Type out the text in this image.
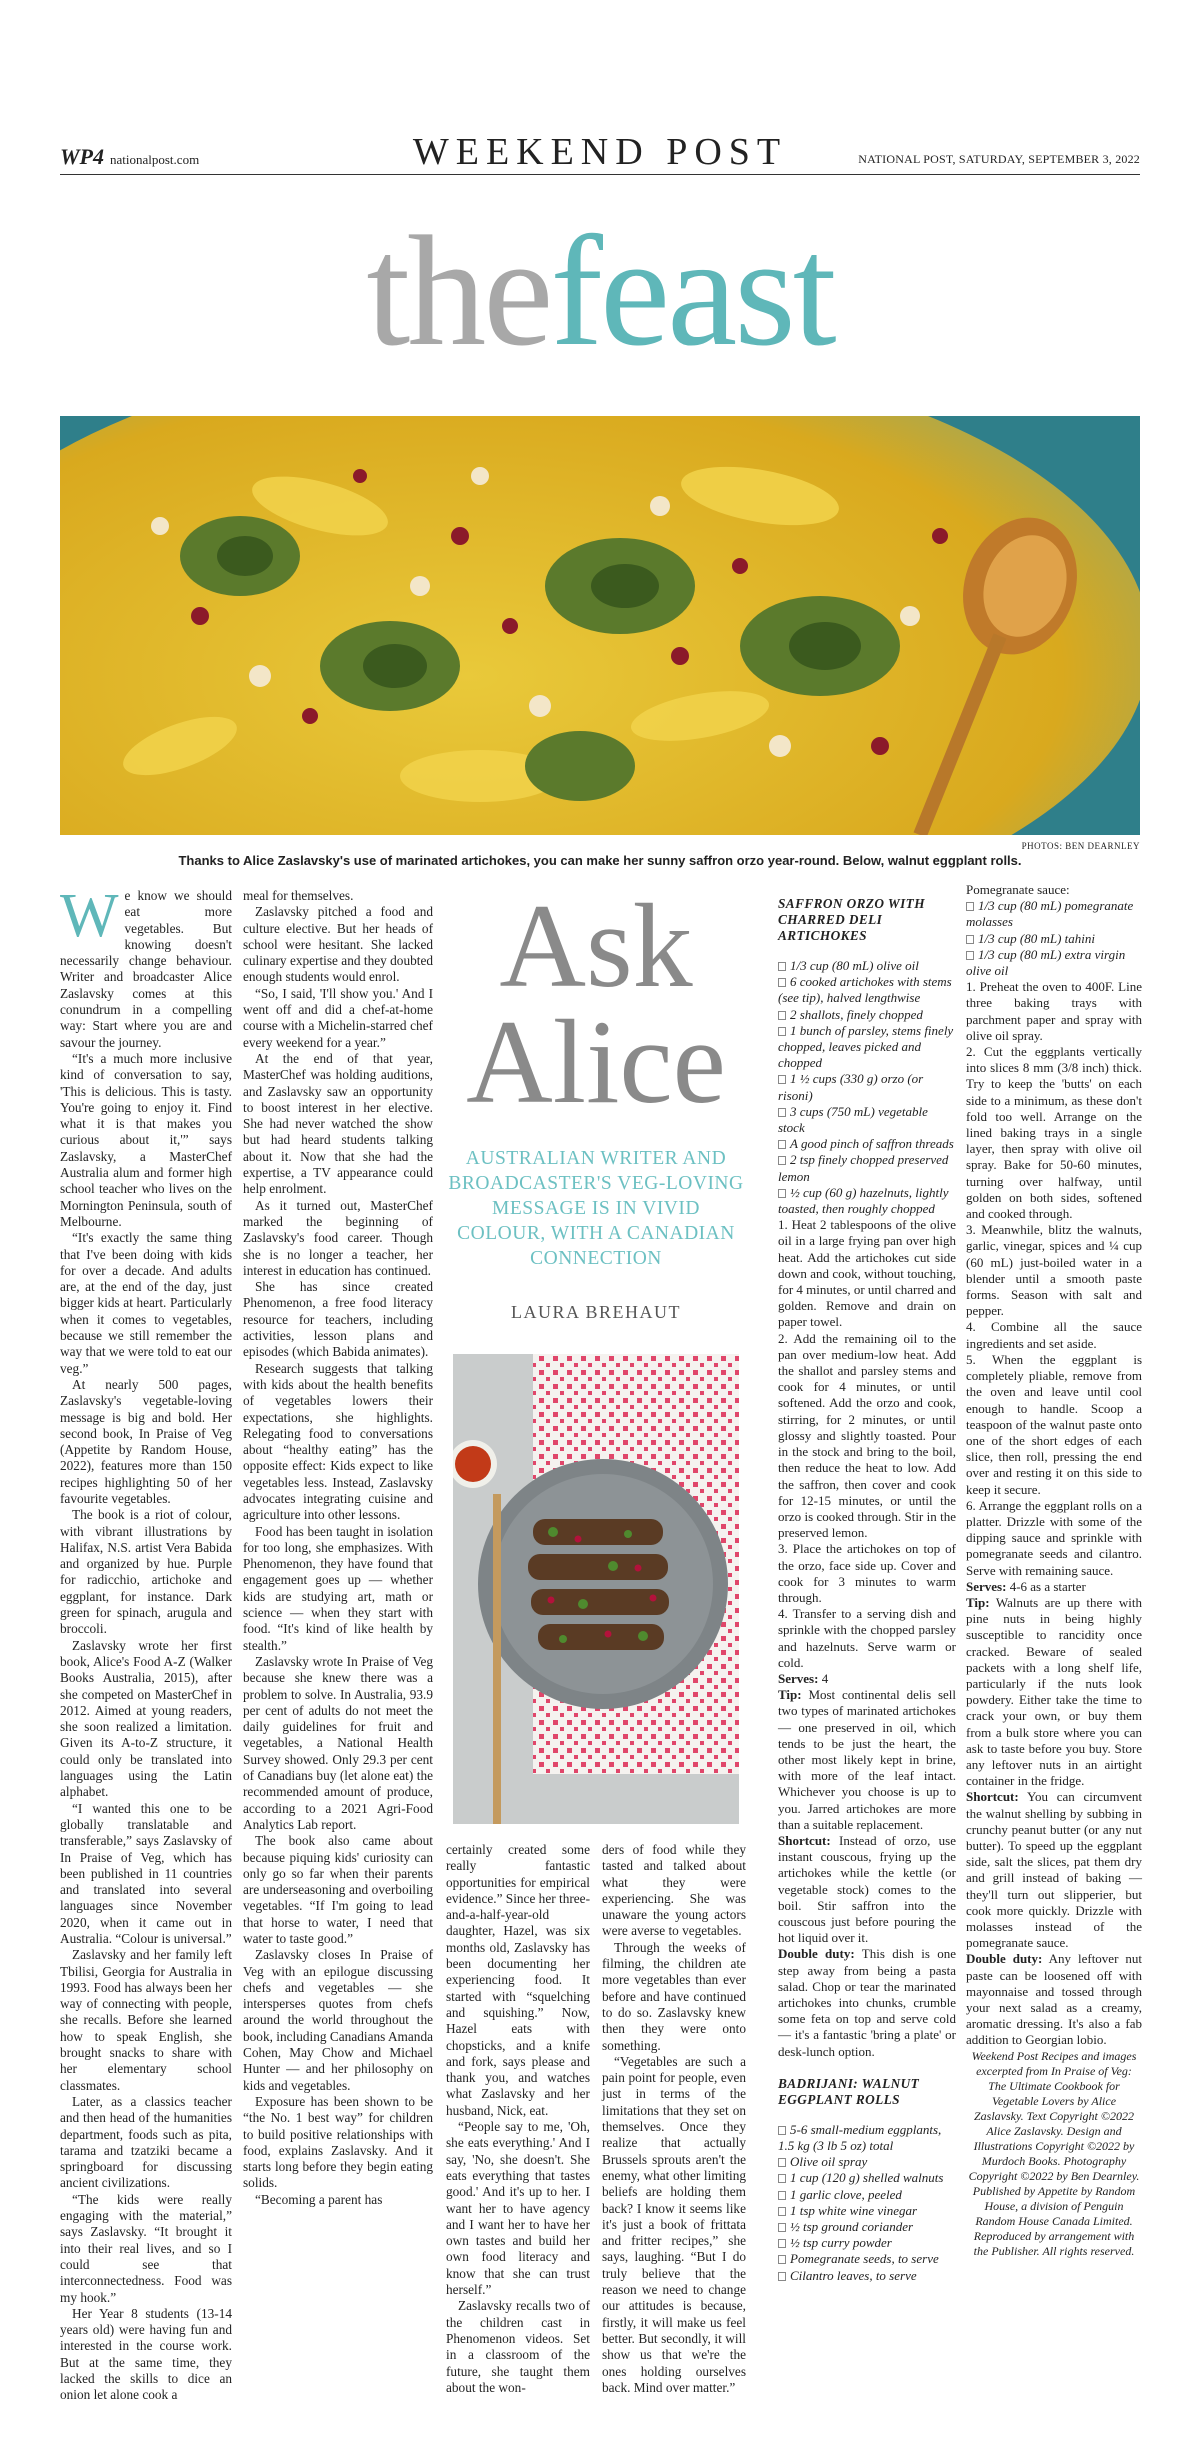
WP4 nationalpost.com	WEEKEND POST	NATIONAL POST, SATURDAY, SEPTEMBER 3, 2022
thefeast
PHOTOS: BEN DEARNLEY
Thanks to Alice Zaslavsky's use of marinated artichokes, you can make her sunny saffron orzo year-round. Below, walnut eggplant rolls.

We know we should eat more vegetables. But knowing doesn't necessarily change behaviour. Writer and broadcaster Alice Zaslavsky comes at this conundrum in a compelling way: Start where you are and savour the journey.

“It's a much more inclusive kind of conversation to say, 'This is delicious. This is tasty. You're going to enjoy it. Find what it is that makes you curious about it,'” says Zaslavsky, a MasterChef Australia alum and former high school teacher who lives on the Mornington Peninsula, south of Melbourne.

“It's exactly the same thing that I've been doing with kids for over a decade. And adults are, at the end of the day, just bigger kids at heart. Particularly when it comes to vegetables, because we still remember the way that we were told to eat our veg.”

At nearly 500 pages, Zaslavsky's vegetable-loving message is big and bold. Her second book, In Praise of Veg (Appetite by Random House, 2022), features more than 150 recipes highlighting 50 of her favourite vegetables.

The book is a riot of colour, with vibrant illustrations by Halifax, N.S. artist Vera Babida and organized by hue. Purple for radicchio, artichoke and eggplant, for instance. Dark green for spinach, arugula and broccoli.

Zaslavsky wrote her first book, Alice's Food A-Z (Walker Books Australia, 2015), after she competed on MasterChef in 2012. Aimed at young readers, she soon realized a limitation. Given its A-to-Z structure, it could only be translated into languages using the Latin alphabet.

“I wanted this one to be globally translatable and transferable,” says Zaslavsky of In Praise of Veg, which has been published in 11 countries and translated into several languages since November 2020, when it came out in Australia. “Colour is universal.”

Zaslavsky and her family left Tbilisi, Georgia for Australia in 1993. Food has always been her way of connecting with people, she recalls. Before she learned how to speak English, she brought snacks to share with her elementary school classmates.

Later, as a classics teacher and then head of the humanities department, foods such as pita, tarama and tzatziki became a springboard for discussing ancient civilizations.

“The kids were really engaging with the material,” says Zaslavsky. “It brought it into their real lives, and so I could see that interconnectedness. Food was my hook.”

Her Year 8 students (13-14 years old) were having fun and interested in the course work. But at the same time, they lacked the skills to dice an onion let alone cook a

meal for themselves.

Zaslavsky pitched a food and culture elective. But her heads of school were hesitant. She lacked culinary expertise and they doubted enough students would enrol.

“So, I said, 'I'll show you.' And I went off and did a chef-at-home course with a Michelin-starred chef every weekend for a year.”

At the end of that year, MasterChef was holding auditions, and Zaslavsky saw an opportunity to boost interest in her elective. She had never watched the show but had heard students talking about it. Now that she had the expertise, a TV appearance could help enrolment.

As it turned out, MasterChef marked the beginning of Zaslavsky's food career. Though she is no longer a teacher, her interest in education has continued.

She has since created Phenomenon, a free food literacy resource for teachers, including activities, lesson plans and episodes (which Babida animates).

Research suggests that talking with kids about the health benefits of vegetables lowers their expectations, she highlights. Relegating food to conversations about “healthy eating” has the opposite effect: Kids expect to like vegetables less. Instead, Zaslavsky advocates integrating cuisine and agriculture into other lessons.

Food has been taught in isolation for too long, she emphasizes. With Phenomenon, they have found that engagement goes up — whether kids are studying art, math or science — when they start with food. “It's kind of like health by stealth.”

Zaslavsky wrote In Praise of Veg because she knew there was a problem to solve. In Australia, 93.9 per cent of adults do not meet the daily guidelines for fruit and vegetables, a National Health Survey showed. Only 29.3 per cent of Canadians buy (let alone eat) the recommended amount of produce, according to a 2021 Agri-Food Analytics Lab report.

The book also came about because piquing kids' curiosity can only go so far when their parents are underseasoning and overboiling vegetables. “If I'm going to lead that horse to water, I need that water to taste good.”

Zaslavsky closes In Praise of Veg with an epilogue discussing chefs and vegetables — she intersperses quotes from chefs around the world throughout the book, including Canadians Amanda Cohen, May Chow and Michael Hunter — and her philosophy on kids and vegetables.

Exposure has been shown to be “the No. 1 best way” for children to build positive relationships with food, explains Zaslavsky. And it starts long before they begin eating solids.

“Becoming a parent has

Ask
Alice
AUSTRALIAN WRITER AND BROADCASTER'S VEG-LOVING MESSAGE IS IN VIVID COLOUR, WITH A CANADIAN CONNECTION
LAURA BREHAUT

certainly created some really fantastic opportunities for empirical evidence.” Since her three-and-a-half-year-old daughter, Hazel, was six months old, Zaslavsky has been documenting her experiencing food. It started with “squelching and squishing.” Now, Hazel eats with chopsticks, and a knife and fork, says please and thank you, and watches what Zaslavsky and her husband, Nick, eat.

“People say to me, 'Oh, she eats everything.' And I say, 'No, she doesn't. She eats everything that tastes good.' And it's up to her. I want her to have agency and I want her to have her own tastes and build her own food literacy and know that she can trust herself.”

Zaslavsky recalls two of the children cast in Phenomenon videos. Set in a classroom of the future, she taught them about the won-

ders of food while they tasted and talked about what they were experiencing. She was unaware the young actors were averse to vegetables.

Through the weeks of filming, the children ate more vegetables than ever before and have continued to do so. Zaslavsky knew then they were onto something.

“Vegetables are such a pain point for people, even just in terms of the limitations that they set on themselves. Once they realize that actually Brussels sprouts aren't the enemy, what other limiting beliefs are holding them back? I know it seems like it's just a book of frittata and fritter recipes,” she says, laughing. “But I do truly believe that the reason we need to change our attitudes is because, firstly, it will make us feel better. But secondly, it will show us that we're the ones holding ourselves back. Mind over matter.”

SAFFRON ORZO WITH CHARRED DELI ARTICHOKES

1/3 cup (80 mL) olive oil

6 cooked artichokes with stems (see tip), halved lengthwise

2 shallots, finely chopped

1 bunch of parsley, stems finely chopped, leaves picked and chopped

1 ½ cups (330 g) orzo (or risoni)

3 cups (750 mL) vegetable stock

A good pinch of saffron threads

2 tsp finely chopped preserved lemon

½ cup (60 g) hazelnuts, lightly toasted, then roughly chopped

1. Heat 2 tablespoons of the olive oil in a large frying pan over high heat. Add the artichokes cut side down and cook, without touching, for 4 minutes, or until charred and golden. Remove and drain on paper towel.

2. Add the remaining oil to the pan over medium-low heat. Add the shallot and parsley stems and cook for 4 minutes, or until softened. Add the orzo and cook, stirring, for 2 minutes, or until glossy and slightly toasted. Pour in the stock and bring to the boil, then reduce the heat to low. Add the saffron, then cover and cook for 12-15 minutes, or until the orzo is cooked through. Stir in the preserved lemon.

3. Place the artichokes on top of the orzo, face side up. Cover and cook for 3 minutes to warm through.

4. Transfer to a serving dish and sprinkle with the chopped parsley and hazelnuts. Serve warm or cold.

Serves: 4

Tip: Most continental delis sell two types of marinated artichokes — one preserved in oil, which tends to be just the heart, the other most likely kept in brine, with more of the leaf intact. Whichever you choose is up to you. Jarred artichokes are more than a suitable replacement.

Shortcut: Instead of orzo, use instant couscous, frying up the artichokes while the kettle (or vegetable stock) comes to the boil. Stir saffron into the couscous just before pouring the hot liquid over it.

Double duty: This dish is one step away from being a pasta salad. Chop or tear the marinated artichokes into chunks, crumble some feta on top and serve cold — it's a fantastic 'bring a plate' or desk-lunch option.

BADRIJANI: WALNUT EGGPLANT ROLLS

5-6 small-medium eggplants, 1.5 kg (3 lb 5 oz) total

Olive oil spray

1 cup (120 g) shelled walnuts

1 garlic clove, peeled

1 tsp white wine vinegar

½ tsp ground coriander

½ tsp curry powder

Pomegranate seeds, to serve

Cilantro leaves, to serve

Pomegranate sauce:

1/3 cup (80 mL) pomegranate molasses

1/3 cup (80 mL) tahini

1/3 cup (80 mL) extra virgin olive oil

1. Preheat the oven to 400F. Line three baking trays with parchment paper and spray with olive oil spray.

2. Cut the eggplants vertically into slices 8 mm (3/8 inch) thick. Try to keep the 'butts' on each side to a minimum, as these don't fold too well. Arrange on the lined baking trays in a single layer, then spray with olive oil spray. Bake for 50-60 minutes, turning over halfway, until golden on both sides, softened and cooked through.

3. Meanwhile, blitz the walnuts, garlic, vinegar, spices and ¼ cup (60 mL) just-boiled water in a blender until a smooth paste forms. Season with salt and pepper.

4. Combine all the sauce ingredients and set aside.

5. When the eggplant is completely pliable, remove from the oven and leave until cool enough to handle. Scoop a teaspoon of the walnut paste onto one of the short edges of each slice, then roll, pressing the end over and resting it on this side to keep it secure.

6. Arrange the eggplant rolls on a platter. Drizzle with some of the dipping sauce and sprinkle with pomegranate seeds and cilantro. Serve with remaining sauce.

Serves: 4-6 as a starter

Tip: Walnuts are up there with pine nuts in being highly susceptible to rancidity once cracked. Beware of sealed packets with a long shelf life, particularly if the nuts look powdery. Either take the time to crack your own, or buy them from a bulk store where you can ask to taste before you buy. Store any leftover nuts in an airtight container in the fridge.

Shortcut: You can circumvent the walnut shelling by subbing in crunchy peanut butter (or any nut butter). To speed up the eggplant side, salt the slices, pat them dry and grill instead of baking — they'll turn out slipperier, but cook more quickly. Drizzle with molasses instead of the pomegranate sauce.

Double duty: Any leftover nut paste can be loosened off with mayonnaise and tossed through your next salad as a creamy, aromatic dressing. It's also a fab addition to Georgian lobio.

Weekend Post Recipes and images excerpted from In Praise of Veg: The Ultimate Cookbook for Vegetable Lovers by Alice Zaslavsky. Text Copyright ©2022 Alice Zaslavsky. Design and Illustrations Copyright ©2022 by Murdoch Books. Photography Copyright ©2022 by Ben Dearnley. Published by Appetite by Random House, a division of Penguin Random House Canada Limited. Reproduced by arrangement with the Publisher. All rights reserved.
